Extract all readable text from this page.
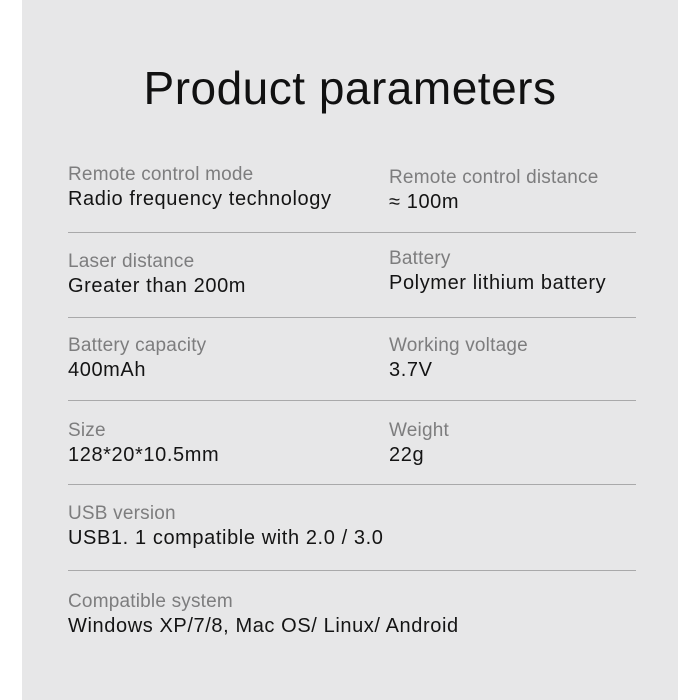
Product parameters
Remote control mode
Radio frequency technology
Remote control distance
≈ 100m
Laser distance
Greater than 200m
Battery
Polymer lithium battery
Battery capacity
400mAh
Working voltage
3.7V
Size
128*20*10.5mm
Weight
22g
USB version
USB1. 1 compatible with 2.0 / 3.0
Compatible system
Windows XP/7/8, Mac OS/ Linux/ Android
